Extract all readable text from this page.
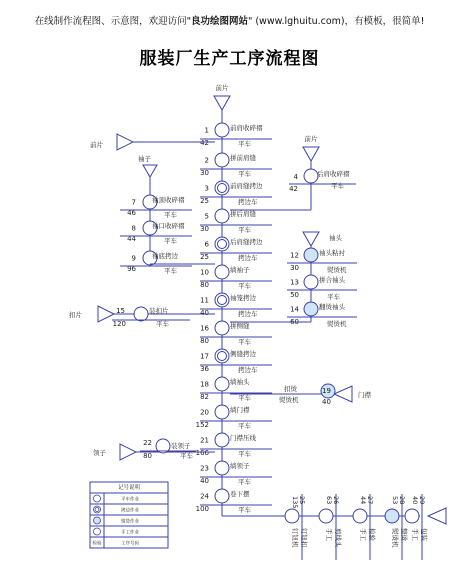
在线制作流程图、示意图，欢迎访问"良功绘图网站" (www.lghuitu.com)，有模板，很简单!
服装厂生产工序流程图
前片
1
42
前肩收碎褶
平车
2
30
拼前肩缝
平车
3
25
前肩缝拷边
拷边车
5
30
拼后肩缝
平车
6
25
后肩缝拷边
拷边车
10
80
绱袖子
平车
11
40
袖笼拷边
拷边车
16
80
拼侧缝
平车
17
36
侧缝拷边
拷边车
18
82
绱袖头
平车
20
152
绱门襟
平车
21
166
门襟压线
平车
23
40
绱领子
平车
24
100
卷下摆
平车
前片
袖子
7
46
袖顶收碎褶
平车
8
44
袖口收碎褶
平车
9
96
袖底拷边
平车
扣片	15
120
装扣片
平车
前片
4
42
后肩收碎褶
平车
袖头
12
30
袖头粘衬
熨烫机
13
50
拼合袖头
平车
14
60
翻烫袖头
熨烫机
门襟
19
40
扣烫
熨烫机
领子
22
80
装领子
平车
25
135
钉钮扣
钉钮机
26
63
剪线头
手工
27
44
检验
手工
28
53
整烫
熨烫机
29
40
包装
手工
记号说明
平车作业
拷边作业
熨烫作业
手工作业
检验	工序号码
